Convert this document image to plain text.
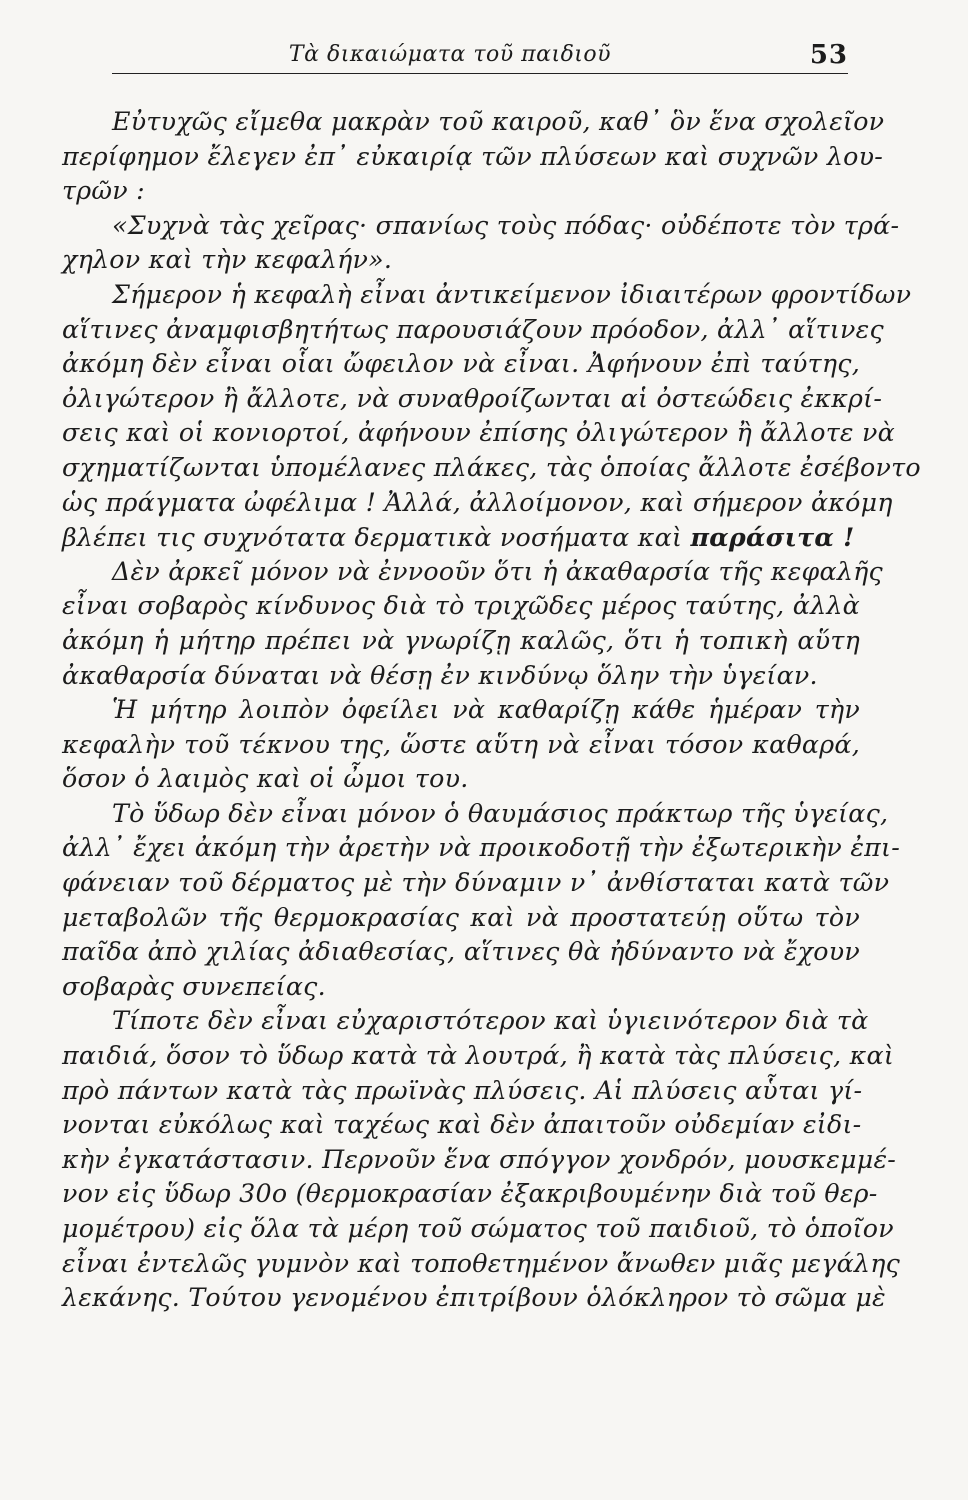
Τὰ δικαιώματα τοῦ παιδιοῦ	53
Εὐτυχῶς εἴμεθα μακρὰν τοῦ καιροῦ, καθ᾽ ὃν ἕνα σχολεῖον
περίφημον ἔλεγεν ἐπ᾽ εὐκαιρίᾳ τῶν πλύσεων καὶ συχνῶν λου-
τρῶν :
«Συχνὰ τὰς χεῖρας· σπανίως τοὺς πόδας· οὐδέποτε τὸν τρά-
χηλον καὶ τὴν κεφαλήν».
Σήμερον ἡ κεφαλὴ εἶναι ἀντικείμενον ἰδιαιτέρων φροντίδων
αἵτινες ἀναμφισβητήτως παρουσιάζουν πρόοδον, ἀλλ᾽ αἵτινες
ἀκόμη δὲν εἶναι οἷαι ὤφειλον νὰ εἶναι. Ἀφήνουν ἐπὶ ταύτης,
ὀλιγώτερον ἢ ἄλλοτε, νὰ συναθροίζωνται αἱ ὀστεώδεις ἐκκρί-
σεις καὶ οἱ κονιορτοί, ἀφήνουν ἐπίσης ὀλιγώτερον ἢ ἄλλοτε νὰ
σχηματίζωνται ὑπομέλανες πλάκες, τὰς ὁποίας ἄλλοτε ἐσέβοντο
ὡς πράγματα ὠφέλιμα ! Ἀλλά, ἀλλοίμονον, καὶ σήμερον ἀκόμη
βλέπει τις συχνότατα δερματικὰ νοσήματα καὶ παράσιτα !
Δὲν ἀρκεῖ μόνον νὰ ἐννοοῦν ὅτι ἡ ἀκαθαρσία τῆς κεφαλῆς
εἶναι σοβαρὸς κίνδυνος διὰ τὸ τριχῶδες μέρος ταύτης, ἀλλὰ
ἀκόμη ἡ μήτηρ πρέπει νὰ γνωρίζῃ καλῶς, ὅτι ἡ τοπικὴ αὕτη
ἀκαθαρσία δύναται νὰ θέσῃ ἐν κινδύνῳ ὅλην τὴν ὑγείαν.
Ἡ μήτηρ λοιπὸν ὀφείλει νὰ καθαρίζῃ κάθε ἡμέραν τὴν
κεφαλὴν τοῦ τέκνου της, ὥστε αὕτη νὰ εἶναι τόσον καθαρά,
ὅσον ὁ λαιμὸς καὶ οἱ ὦμοι του.
Τὸ ὕδωρ δὲν εἶναι μόνον ὁ θαυμάσιος πράκτωρ τῆς ὑγείας,
ἀλλ᾽ ἔχει ἀκόμη τὴν ἀρετὴν νὰ προικοδοτῇ τὴν ἐξωτερικὴν ἐπι-
φάνειαν τοῦ δέρματος μὲ τὴν δύναμιν ν᾽ ἀνθίσταται κατὰ τῶν
μεταβολῶν τῆς θερμοκρασίας καὶ νὰ προστατεύῃ οὕτω τὸν
παῖδα ἀπὸ χιλίας ἀδιαθεσίας, αἵτινες θὰ ἠδύναντο νὰ ἔχουν
σοβαρὰς συνεπείας.
Τίποτε δὲν εἶναι εὐχαριστότερον καὶ ὑγιεινότερον διὰ τὰ
παιδιά, ὅσον τὸ ὕδωρ κατὰ τὰ λουτρά, ἢ κατὰ τὰς πλύσεις, καὶ
πρὸ πάντων κατὰ τὰς πρωϊνὰς πλύσεις. Αἱ πλύσεις αὗται γί-
νονται εὐκόλως καὶ ταχέως καὶ δὲν ἀπαιτοῦν οὐδεμίαν εἰδι-
κὴν ἐγκατάστασιν. Περνοῦν ἕνα σπόγγον χονδρόν, μουσκεμμέ-
νον εἰς ὕδωρ 30ο (θερμοκρασίαν ἐξακριβουμένην διὰ τοῦ θερ-
μομέτρου) εἰς ὅλα τὰ μέρη τοῦ σώματος τοῦ παιδιοῦ, τὸ ὁποῖον
εἶναι ἐντελῶς γυμνὸν καὶ τοποθετημένον ἄνωθεν μιᾶς μεγάλης
λεκάνης. Τούτου γενομένου ἐπιτρίβουν ὁλόκληρον τὸ σῶμα μὲ
